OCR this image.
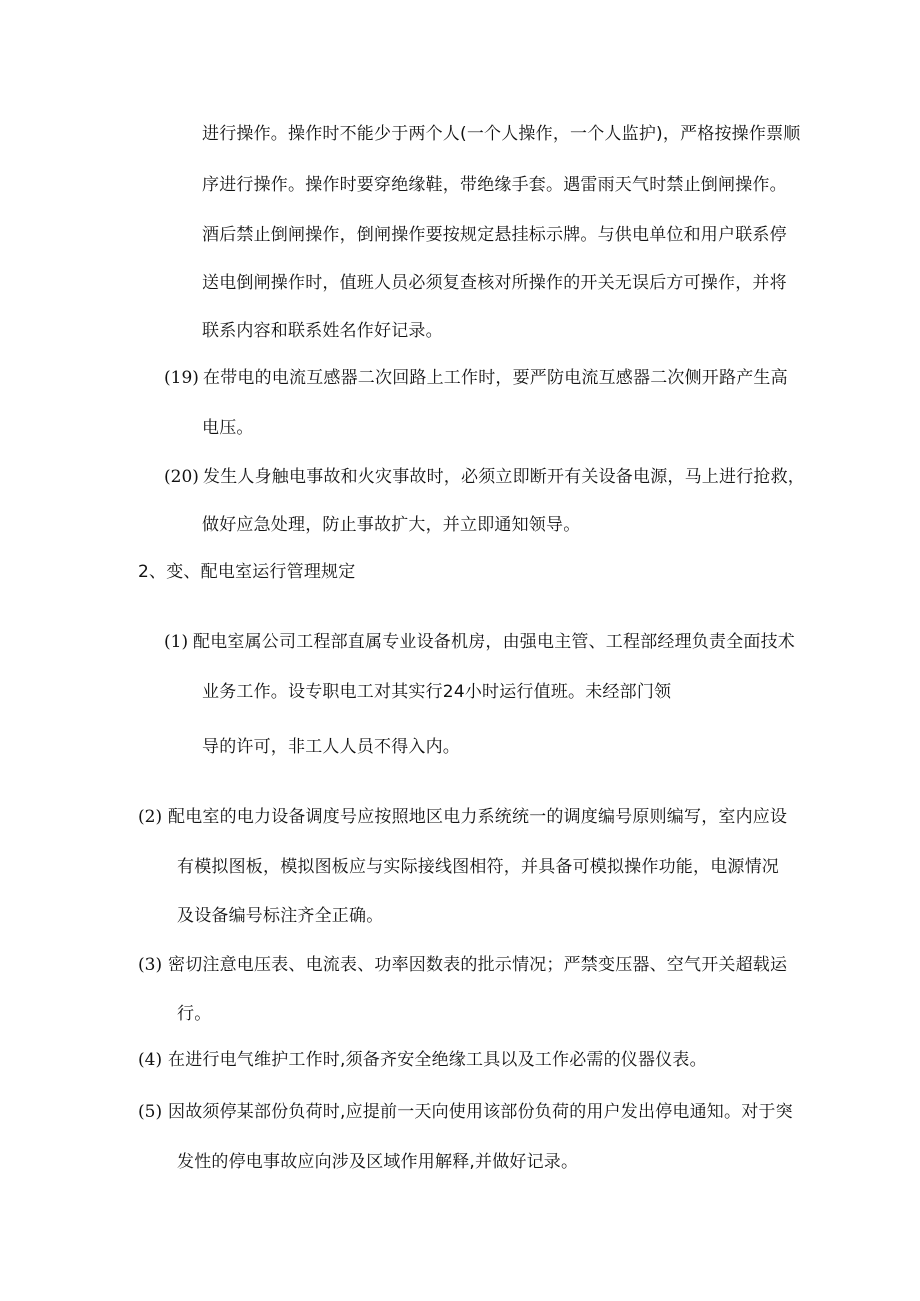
进行操作。操作时不能少于两个人(一个人操作，一个人监护)，严格按操作票顺
序进行操作。操作时要穿绝缘鞋，带绝缘手套。遇雷雨天气时禁止倒闸操作。
酒后禁止倒闸操作，倒闸操作要按规定悬挂标示牌。与供电单位和用户联系停
送电倒闸操作时，值班人员必须复查核对所操作的开关无误后方可操作，并将
联系内容和联系姓名作好记录。
(19) 在带电的电流互感器二次回路上工作时，要严防电流互感器二次侧开路产生高
电压。
(20) 发生人身触电事故和火灾事故时，必须立即断开有关设备电源，马上进行抢救，
做好应急处理，防止事故扩大，并立即通知领导。
2、变、配电室运行管理规定
(1) 配电室属公司工程部直属专业设备机房，由强电主管、工程部经理负责全面技术
业务工作。设专职电工对其实行24小时运行值班。未经部门领
导的许可，非工人人员不得入内。
(2) 配电室的电力设备调度号应按照地区电力系统统一的调度编号原则编写，室内应设
有模拟图板，模拟图板应与实际接线图相符，并具备可模拟操作功能，电源情况
及设备编号标注齐全正确。
(3) 密切注意电压表、电流表、功率因数表的批示情况；严禁变压器、空气开关超载运
行。
(4) 在进行电气维护工作时,须备齐安全绝缘工具以及工作必需的仪器仪表。
(5) 因故须停某部份负荷时,应提前一天向使用该部份负荷的用户发出停电通知。对于突
发性的停电事故应向涉及区域作用解释,并做好记录。
